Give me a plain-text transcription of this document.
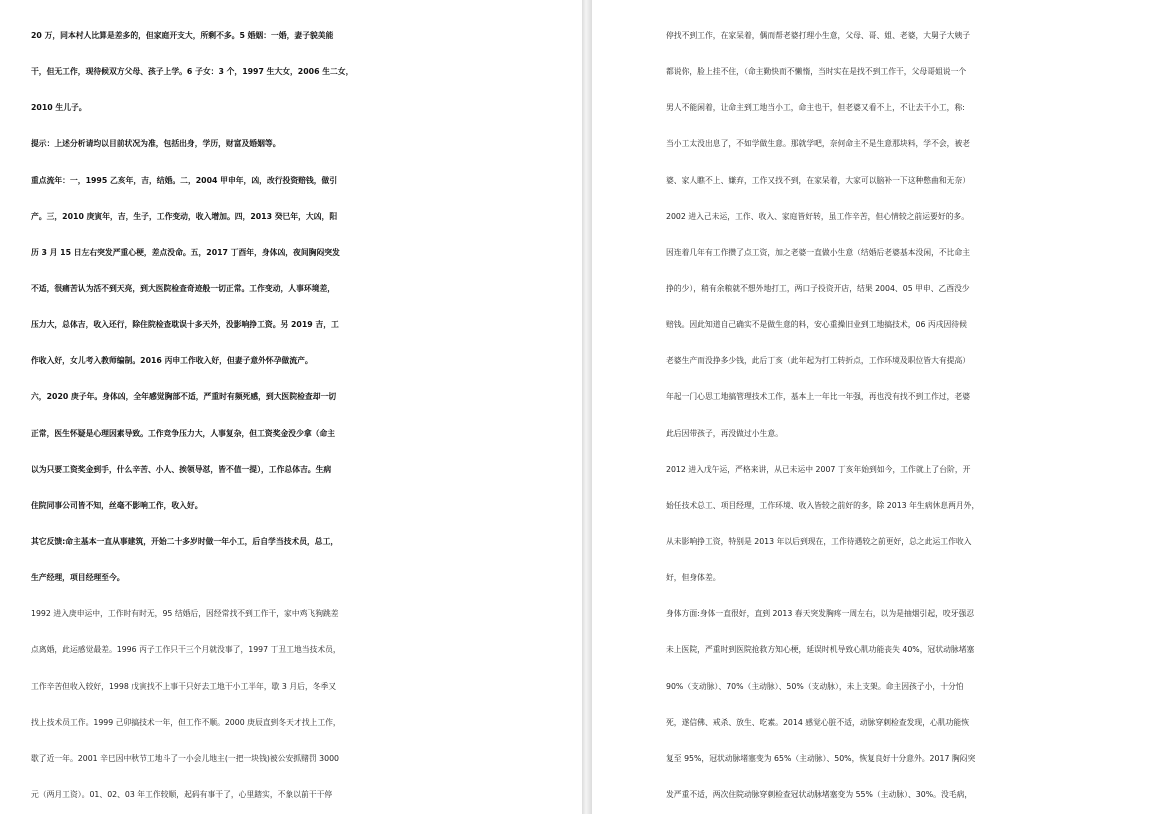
20 万，同本村人比算是差多的，但家庭开支大，所剩不多。5 婚姻：一婚，妻子貌美能
干，但无工作，现待候双方父母、孩子上学。6 子女：3 个，1997 生大女，2006 生二女，
2010 生儿子。
提示：上述分析请均以目前状况为准，包括出身，学历，财富及婚姻等。
重点流年：一，1995 乙亥年，吉，结婚。二，2004 甲申年，凶，改行投资赔钱，做引
产。三，2010 庚寅年，吉，生子，工作变动，收入增加。四，2013 癸巳年，大凶，阳
历 3 月 15 日左右突发严重心梗，差点没命。五，2017 丁酉年，身体凶，夜间胸闷突发
不适，很痛苦认为活不到天亮，到大医院检查奇迹般一切正常。工作变动，人事环境差，
压力大，总体吉，收入还行，除住院检查耽误十多天外，没影响挣工资。另 2019 吉，工
作收入好，女儿考入教师编制。2016 丙申工作收入好，但妻子意外怀孕做流产。
六，2020 庚子年。身体凶，全年感觉胸部不适，严重时有频死感，到大医院检查却一切
正常，医生怀疑是心理因素导致。工作竞争压力大，人事复杂，但工资奖金没少拿（命主
以为只要工资奖金到手，什么辛苦、小人、挨领导怼，皆不值一提），工作总体吉。生病
住院同事公司皆不知，丝毫不影响工作，收入好。
其它反馈:命主基本一直从事建筑，开始二十多岁时做一年小工，后自学当技术员，总工，
生产经理，项目经理至今。
1992 进入庚申运中，工作时有时无，95 结婚后，因经常找不到工作干，家中鸡飞狗跳差
点离婚，此运感觉最差。1996 丙子工作只干三个月就没事了，1997 丁丑工地当技术员，
工作辛苦但收入较好，1998 戊寅找不上事干只好去工地干小工半年，歇 3 月后，冬季又
找上技术员工作。1999 己卯搞技术一年，但工作不顺。2000 庚辰直到冬天才找上工作，
歇了近一年。2001 辛巳因中秋节工地斗了一小会儿地主(一把一块钱)被公安抓赌罚 3000
元（两月工资）。01、02、03 年工作较顺，起码有事干了，心里踏实，不象以前干干停
停找不到工作，在家呆着，偶而帮老婆打理小生意，父母、哥、姐、老婆，大舅子大姨子
都说你，脸上挂不住，（命主勤快而不懒惰，当时实在是找不到工作干，父母哥姐说一个
男人不能闲着，让命主到工地当小工，命主也干，但老婆又看不上，不让去干小工，称:
当小工太没出息了，不如学做生意。那就学吧，奈何命主不是生意那块料，学不会，被老
婆、家人瞧不上、嫌弃，工作又找不到，在家呆着，大家可以脑补一下这种憋曲和无奈）
2002 进入己未运，工作、收入、家庭皆好转，虽工作辛苦，但心情较之前运要好的多。
因连着几年有工作攒了点工资，加之老婆一直做小生意（结婚后老婆基本没闲，不比命主
挣的少），稍有余粮就不想外地打工，两口子投资开店，结果 2004、05 甲申、乙酉没少
赔钱。因此知道自己确实不是做生意的料，安心重操旧业到工地搞技术，06 丙戌因待候
老婆生产而没挣多少钱，此后丁亥（此年起为打工转折点，工作环境及职位皆大有提高）
年起一门心思工地搞管理技术工作，基本上一年比一年强，再也没有找不到工作过，老婆
此后因带孩子，再没做过小生意。
2012 进入戊午运，严格来讲，从已未运中 2007 丁亥年始到如今，工作就上了台阶，开
始任技术总工、项目经理，工作环境、收入皆较之前好的多，除 2013 年生病休息两月外，
从未影响挣工资，特别是 2013 年以后到现在，工作待遇较之前更好，总之此运工作收入
好，但身体差。
身体方面:身体一直很好，直到 2013 春天突发胸疼一周左右，以为是抽烟引起，咬牙强忍
未上医院，严重时到医院抢救方知心梗，延误时机导致心肌功能丧失 40%，冠状动脉堵塞
90%（支动脉）、70%（主动脉）、50%（支动脉），未上支架。命主因孩子小，十分怕
死，遂信佛、戒杀、放生、吃素。2014 感觉心脏不适，动脉穿刺检查发现，心肌功能恢
复至 95%，冠状动脉堵塞变为 65%（主动脉）、50%，恢复良好十分意外。2017 胸闷突
发严重不适，两次住院动脉穿刺检查冠状动脉堵塞变为 55%（主动脉）、30%。没毛病，
